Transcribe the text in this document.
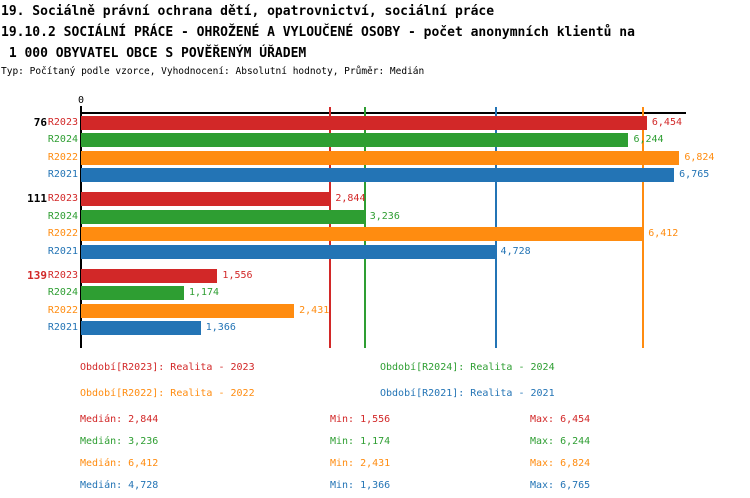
19. Sociálně právní ochrana dětí, opatrovnictví, sociální práce
19.10.2 SOCIÁLNÍ PRÁCE - OHROŽENÉ A VYLOUČENÉ OSOBY - počet anonymních klientů na
1 000 OBYVATEL OBCE S POVĚŘENÝM ÚŘADEM
Typ: Počítaný podle vzorce, Vyhodnocení: Absolutní hodnoty, Průměr: Medián
0
76 R2023	6,454
R2024	6,244
R2022	6,824
R2021	6,765
111 R2023	2,844
R2024	3,236
R2022	6,412
R2021	4,728
139 R2023	1,556
R2024	1,174
R2022	2,431
R2021	1,366
Období[R2023]: Realita - 2023	Období[R2024]: Realita - 2024
Období[R2022]: Realita - 2022	Období[R2021]: Realita - 2021
Medián: 2,844	Min: 1,556	Max: 6,454
Medián: 3,236	Min: 1,174	Max: 6,244
Medián: 6,412	Min: 2,431	Max: 6,824
Medián: 4,728	Min: 1,366	Max: 6,765
